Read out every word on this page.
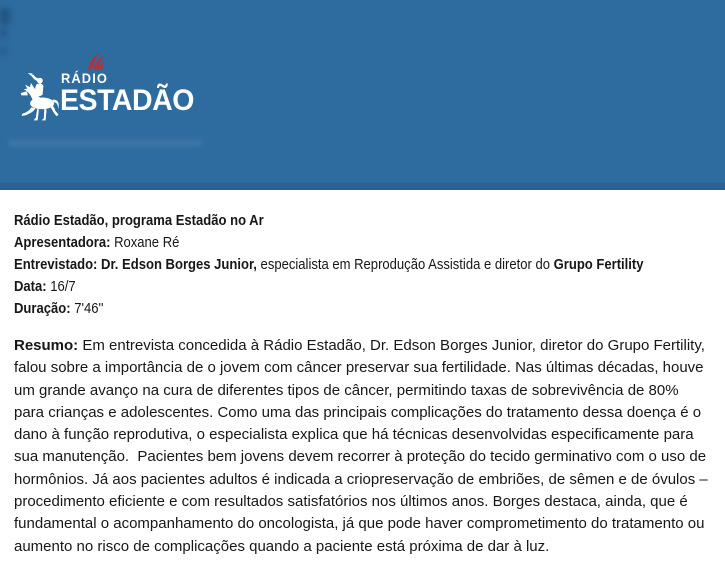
RÁDIO
ESTADÃO
Rádio Estadão, programa Estadão no Ar
Apresentadora: Roxane Ré
Entrevistado: Dr. Edson Borges Junior, especialista em Reprodução Assistida e diretor do Grupo Fertility
Data: 16/7
Duração: 7'46''
Resumo: Em entrevista concedida à Rádio Estadão, Dr. Edson Borges Junior, diretor do Grupo Fertility, falou sobre a importância de o jovem com câncer preservar sua fertilidade. Nas últimas décadas, houve um grande avanço na cura de diferentes tipos de câncer, permitindo taxas de sobrevivência de 80% para crianças e adolescentes. Como uma das principais complicações do tratamento dessa doença é o dano à função reprodutiva, o especialista explica que há técnicas desenvolvidas especificamente para sua manutenção.  Pacientes bem jovens devem recorrer à proteção do tecido germinativo com o uso de hormônios. Já aos pacientes adultos é indicada a criopreservação de embriões, de sêmen e de óvulos – procedimento eficiente e com resultados satisfatórios nos últimos anos. Borges destaca, ainda, que é fundamental o acompanhamento do oncologista, já que pode haver comprometimento do tratamento ou aumento no risco de complicações quando a paciente está próxima de dar à luz.
